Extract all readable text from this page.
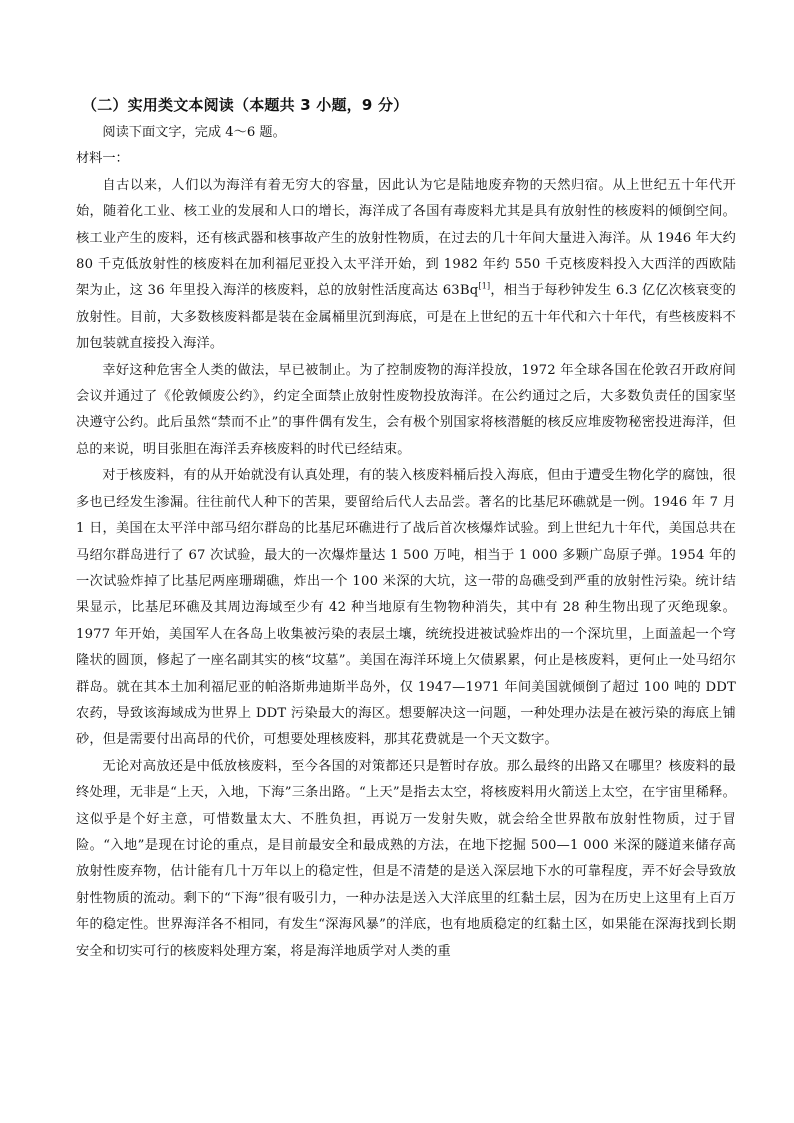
（二）实用类文本阅读（本题共 3 小题，9 分）

阅读下面文字，完成 4～6 题。

材料一：

自古以来，人们以为海洋有着无穷大的容量，因此认为它是陆地废弃物的天然归宿。从上世纪五十年代开始，随着化工业、核工业的发展和人口的增长，海洋成了各国有毒废料尤其是具有放射性的核废料的倾倒空间。核工业产生的废料，还有核武器和核事故产生的放射性物质，在过去的几十年间大量进入海洋。从 1946 年大约 80 千克低放射性的核废料在加利福尼亚投入太平洋开始，到 1982 年约 550 千克核废料投入大西洋的西欧陆架为止，这 36 年里投入海洋的核废料，总的放射性活度高达 63Bq[1]，相当于每秒钟发生 6.3 亿亿次核衰变的放射性。目前，大多数核废料都是装在金属桶里沉到海底，可是在上世纪的五十年代和六十年代，有些核废料不加包装就直接投入海洋。

幸好这种危害全人类的做法，早已被制止。为了控制废物的海洋投放，1972 年全球各国在伦敦召开政府间会议并通过了《伦敦倾废公约》，约定全面禁止放射性废物投放海洋。在公约通过之后，大多数负责任的国家坚决遵守公约。此后虽然“禁而不止”的事件偶有发生，会有极个别国家将核潜艇的核反应堆废物秘密投进海洋，但总的来说，明目张胆在海洋丢弃核废料的时代已经结束。

对于核废料，有的从开始就没有认真处理，有的装入核废料桶后投入海底，但由于遭受生物化学的腐蚀，很多也已经发生渗漏。往往前代人种下的苦果，要留给后代人去品尝。著名的比基尼环礁就是一例。1946 年 7 月 1 日，美国在太平洋中部马绍尔群岛的比基尼环礁进行了战后首次核爆炸试验。到上世纪九十年代，美国总共在马绍尔群岛进行了 67 次试验，最大的一次爆炸量达 1 500 万吨，相当于 1 000 多颗广岛原子弹。1954 年的一次试验炸掉了比基尼两座珊瑚礁，炸出一个 100 米深的大坑，这一带的岛礁受到严重的放射性污染。统计结果显示，比基尼环礁及其周边海域至少有 42 种当地原有生物物种消失，其中有 28 种生物出现了灭绝现象。1977 年开始，美国军人在各岛上收集被污染的表层土壤，统统投进被试验炸出的一个深坑里，上面盖起一个穹隆状的圆顶，修起了一座名副其实的核“坟墓”。美国在海洋环境上欠债累累，何止是核废料，更何止一处马绍尔群岛。就在其本土加利福尼亚的帕洛斯弗迪斯半岛外，仅 1947—1971 年间美国就倾倒了超过 100 吨的 DDT 农药，导致该海域成为世界上 DDT 污染最大的海区。想要解决这一问题，一种处理办法是在被污染的海底上铺砂，但是需要付出高昂的代价，可想要处理核废料，那其花费就是一个天文数字。

无论对高放还是中低放核废料，至今各国的对策都还只是暂时存放。那么最终的出路又在哪里？核废料的最终处理，无非是“上天，入地，下海”三条出路。“上天”是指去太空，将核废料用火箭送上太空，在宇宙里稀释。这似乎是个好主意，可惜数量太大、不胜负担，再说万一发射失败，就会给全世界散布放射性物质，过于冒险。“入地”是现在讨论的重点，是目前最安全和最成熟的方法，在地下挖掘 500—1 000 米深的隧道来储存高放射性废弃物，估计能有几十万年以上的稳定性，但是不清楚的是送入深层地下水的可靠程度，弄不好会导致放射性物质的流动。剩下的“下海”很有吸引力，一种办法是送入大洋底里的红黏土层，因为在历史上这里有上百万年的稳定性。世界海洋各不相同，有发生“深海风暴”的洋底，也有地质稳定的红黏土区，如果能在深海找到长期安全和切实可行的核废料处理方案，将是海洋地质学对人类的重
